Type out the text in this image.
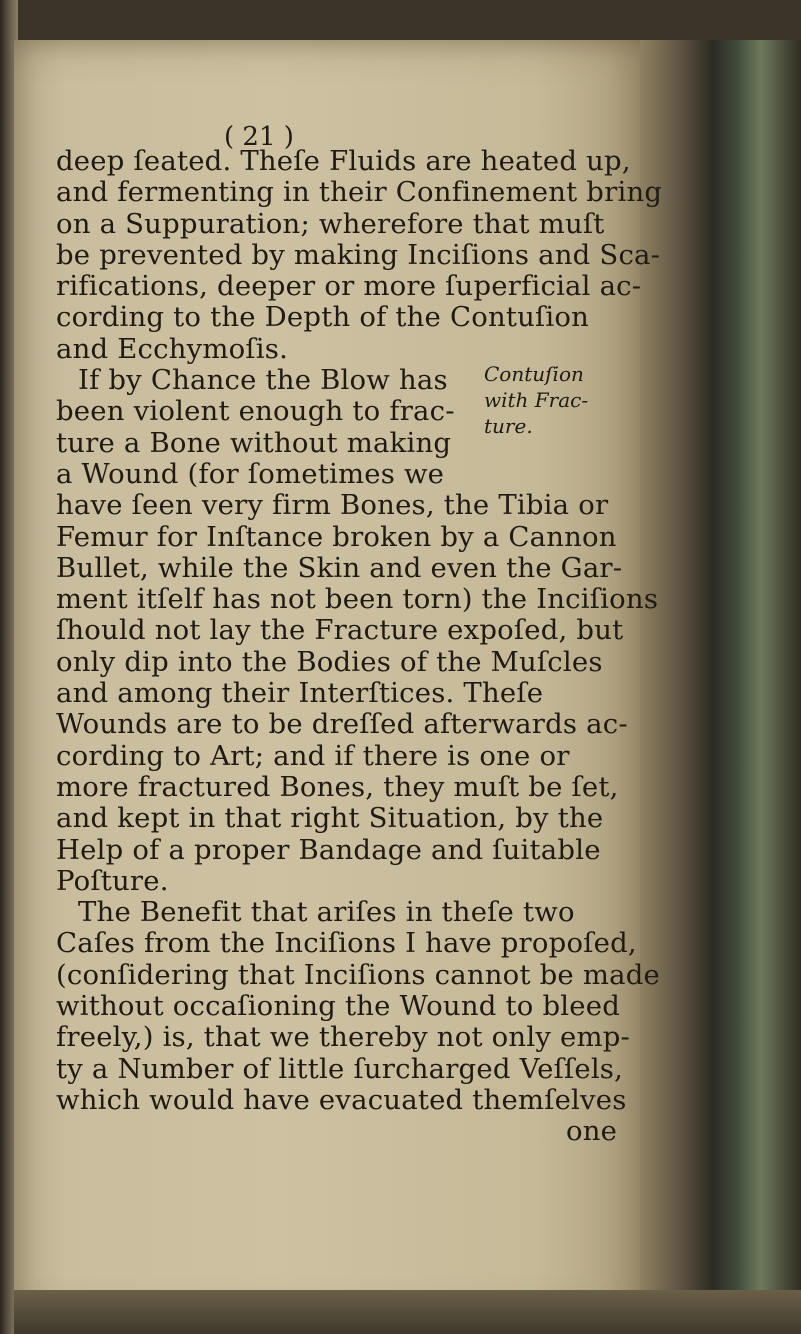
( 21 )
Contuſion
with Frac-
ture.
deep ſeated. Theſe Fluids are heated up,
and fermenting in their Confinement bring
on a Suppuration; wherefore that muſt
be prevented by making Inciſions and Sca-
rifications, deeper or more ſuperficial ac-
cording to the Depth of the Contuſion
and Ecchymoſis.
If by Chance the Blow has
been violent enough to frac-
ture a Bone without making
a Wound (for ſometimes we
have ſeen very firm Bones, the Tibia or
Femur for Inſtance broken by a Cannon
Bullet, while the Skin and even the Gar-
ment itſelf has not been torn) the Inciſions
ſhould not lay the Fracture expoſed, but
only dip into the Bodies of the Muſcles
and among their Interſtices. Theſe
Wounds are to be dreſſed afterwards ac-
cording to Art; and if there is one or
more fractured Bones, they muſt be ſet,
and kept in that right Situation, by the
Help of a proper Bandage and ſuitable
Poſture.
The Benefit that ariſes in theſe two
Caſes from the Inciſions I have propoſed,
(conſidering that Inciſions cannot be made
without occaſioning the Wound to bleed
freely,) is, that we thereby not only emp-
ty a Number of little ſurcharged Veſſels,
which would have evacuated themſelves
one
